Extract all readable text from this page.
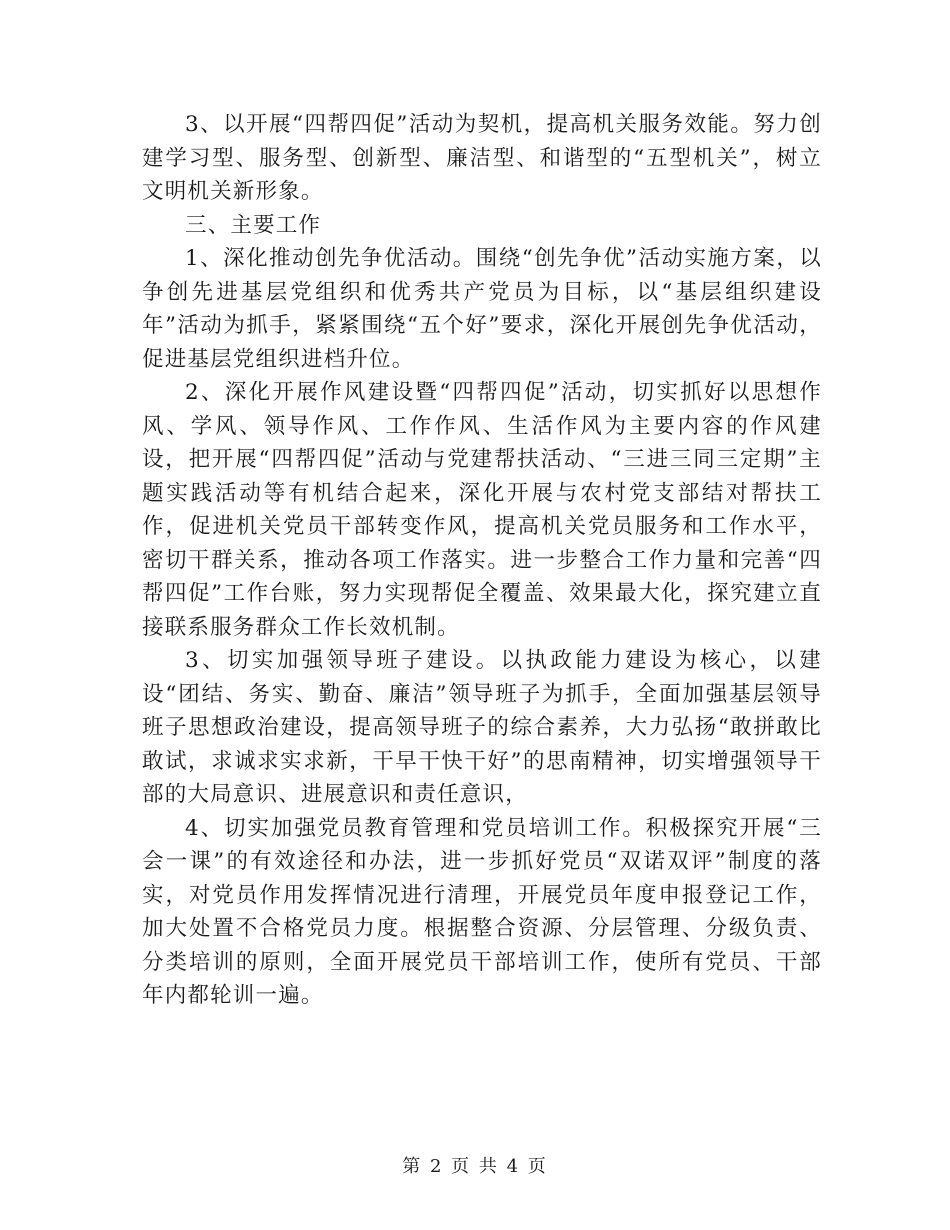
3、以开展“四帮四促”活动为契机，提高机关服务效能。努力创建学习型、服务型、创新型、廉洁型、和谐型的“五型机关”，树立文明机关新形象。

三、主要工作

1、深化推动创先争优活动。围绕“创先争优”活动实施方案，以争创先进基层党组织和优秀共产党员为目标，以“基层组织建设年”活动为抓手，紧紧围绕“五个好”要求，深化开展创先争优活动，促进基层党组织进档升位。

2、深化开展作风建设暨“四帮四促”活动，切实抓好以思想作风、学风、领导作风、工作作风、生活作风为主要内容的作风建设，把开展“四帮四促”活动与党建帮扶活动、“三进三同三定期”主题实践活动等有机结合起来，深化开展与农村党支部结对帮扶工作，促进机关党员干部转变作风，提高机关党员服务和工作水平，密切干群关系，推动各项工作落实。进一步整合工作力量和完善“四帮四促”工作台账，努力实现帮促全覆盖、效果最大化，探究建立直接联系服务群众工作长效机制。

3、切实加强领导班子建设。以执政能力建设为核心，以建设“团结、务实、勤奋、廉洁”领导班子为抓手，全面加强基层领导班子思想政治建设，提高领导班子的综合素养，大力弘扬“敢拼敢比敢试，求诚求实求新，干早干快干好”的思南精神，切实增强领导干部的大局意识、进展意识和责任意识，

4、切实加强党员教育管理和党员培训工作。积极探究开展“三会一课”的有效途径和办法，进一步抓好党员“双诺双评”制度的落实，对党员作用发挥情况进行清理，开展党员年度申报登记工作，加大处置不合格党员力度。根据整合资源、分层管理、分级负责、分类培训的原则，全面开展党员干部培训工作，使所有党员、干部年内都轮训一遍。

第 2 页 共 4 页
